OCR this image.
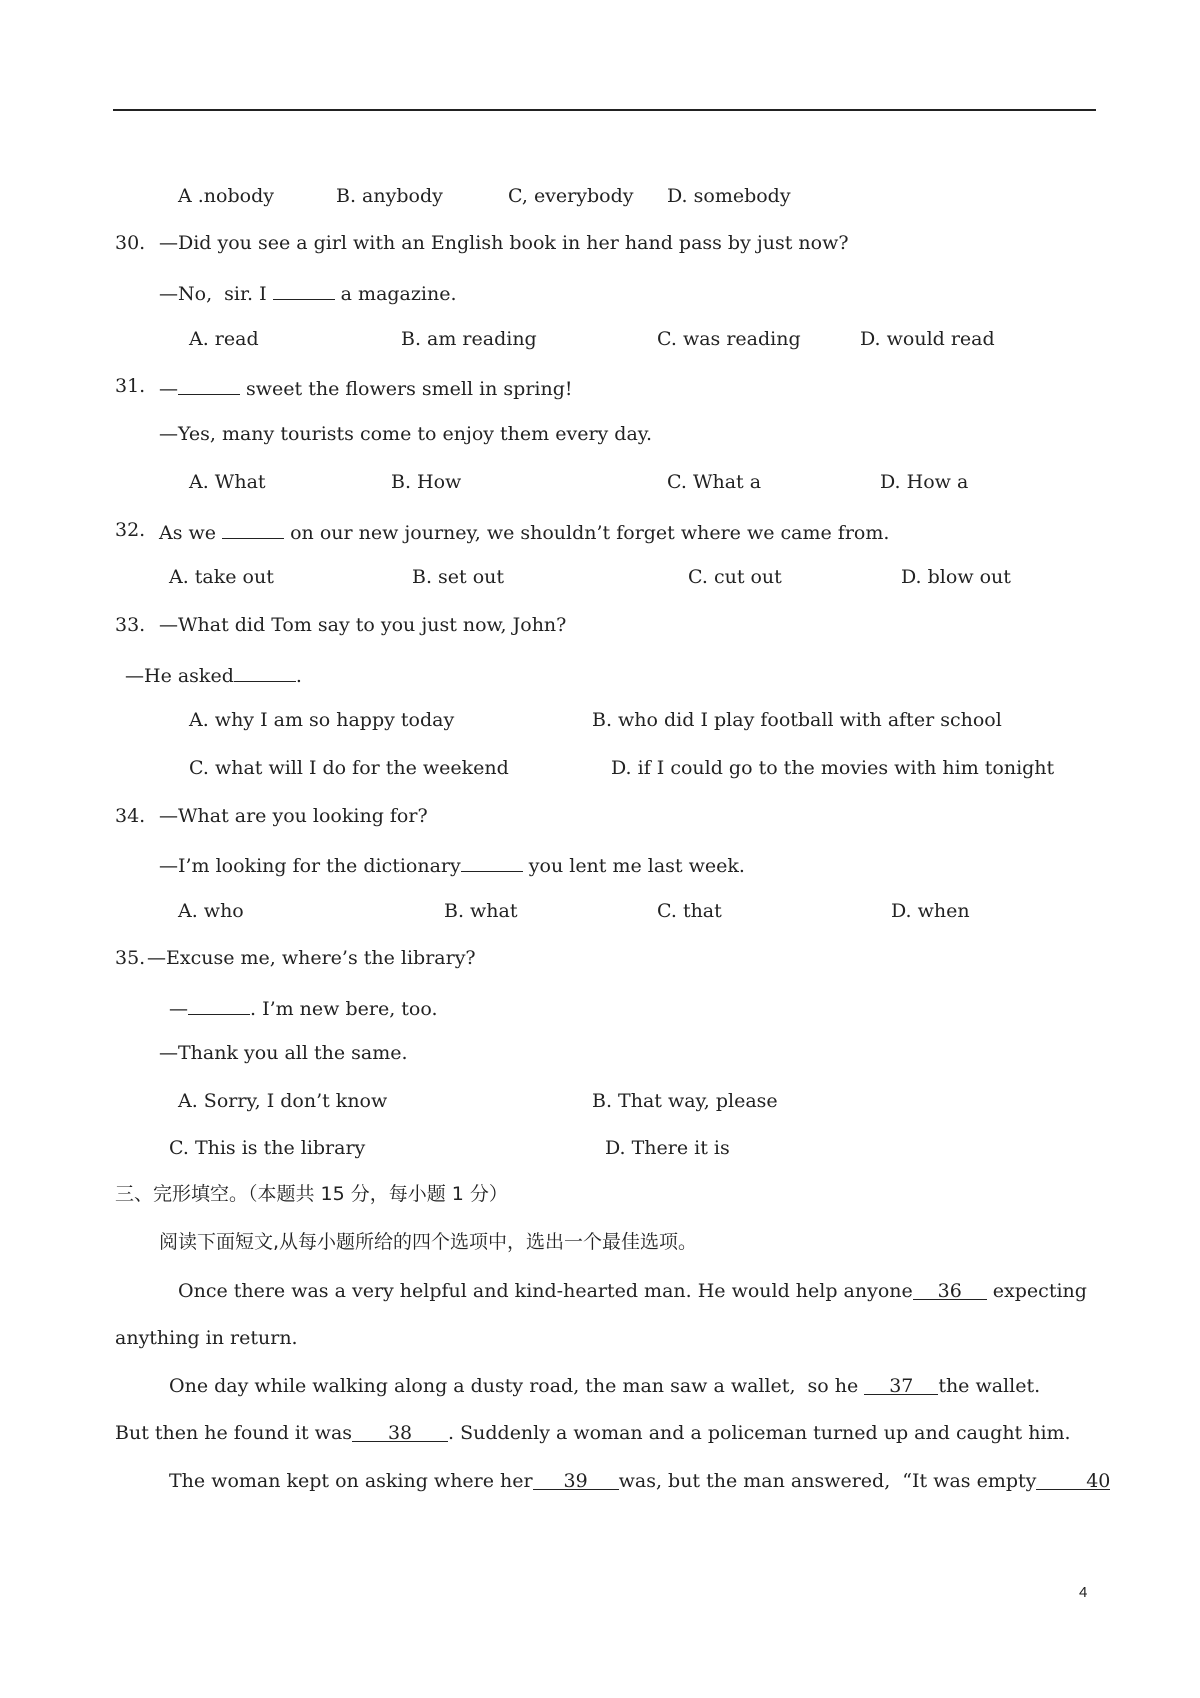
A .nobody	B. anybody	C, everybody D. somebody
30. —Did you see a girl with an English book in her hand pass by just now?
—No,  sir. I	a magazine.
A. read	B. am reading	C. was reading	D. would read
31. —	sweet the flowers smell in spring!
—Yes, many tourists come to enjoy them every day.
A. What	B. How	C. What a	D. How a
32. As we	on our new journey, we shouldn’t forget where we came from.
A. take out	B. set out	C. cut out	D. blow out
33. —What did Tom say to you just now, John?
—He asked	.
A. why I am so happy today	B. who did I play football with after school
C. what will I do for the weekend	D. if I could go to the movies with him tonight
34. —What are you looking for?
—I’m looking for the dictionary	you lent me last week.
A. who	B. what	C. that	D. when
35. —Excuse me, where’s the library?
—	. I’m new bere, too.
—Thank you all the same.
A. Sorry, I don’t know	B. That way, please
C. This is the library	D. There it is
三、完形填空。（本题共 15 分，每小题 1 分）
阅读下面短文,从每小题所给的四个选项中，选出一个最佳选项。
Once there was a very helpful and kind-hearted man. He would help anyone 36 expecting
anything in return.
One day while walking along a dusty road, the man saw a wallet,  so he 37 the wallet.
But then he found it was 38 . Suddenly a woman and a policeman turned up and caught him.
The woman kept on asking where her 39 was, but the man answered,  “It was empty	40
4
